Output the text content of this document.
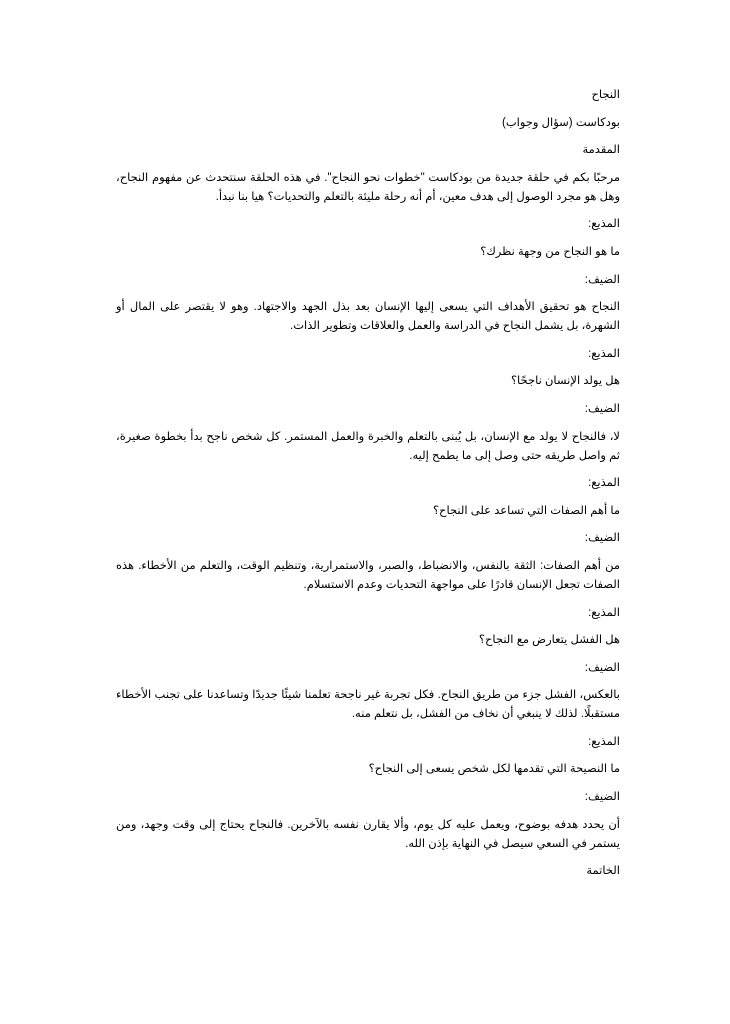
النجاح

بودكاست (سؤال وجواب)

المقدمة

مرحبًا بكم في حلقة جديدة من بودكاست "خطوات نحو النجاح". في هذه الحلقة سنتحدث عن مفهوم النجاح، وهل هو مجرد الوصول إلى هدف معين، أم أنه رحلة مليئة بالتعلم والتحديات؟ هيا بنا نبدأ.

المذيع:

ما هو النجاح من وجهة نظرك؟

الضيف:

النجاح هو تحقيق الأهداف التي يسعى إليها الإنسان بعد بذل الجهد والاجتهاد. وهو لا يقتصر على المال أو الشهرة، بل يشمل النجاح في الدراسة والعمل والعلاقات وتطوير الذات.

المذيع:

هل يولد الإنسان ناجحًا؟

الضيف:

لا، فالنجاح لا يولد مع الإنسان، بل يُبنى بالتعلم والخبرة والعمل المستمر. كل شخص ناجح بدأ بخطوة صغيرة، ثم واصل طريقه حتى وصل إلى ما يطمح إليه.

المذيع:

ما أهم الصفات التي تساعد على النجاح؟

الضيف:

من أهم الصفات: الثقة بالنفس، والانضباط، والصبر، والاستمرارية، وتنظيم الوقت، والتعلم من الأخطاء. هذه الصفات تجعل الإنسان قادرًا على مواجهة التحديات وعدم الاستسلام.

المذيع:

هل الفشل يتعارض مع النجاح؟

الضيف:

بالعكس، الفشل جزء من طريق النجاح. فكل تجربة غير ناجحة تعلمنا شيئًا جديدًا وتساعدنا على تجنب الأخطاء مستقبلًا. لذلك لا ينبغي أن نخاف من الفشل، بل نتعلم منه.

المذيع:

ما النصيحة التي تقدمها لكل شخص يسعى إلى النجاح؟

الضيف:

أن يحدد هدفه بوضوح، ويعمل عليه كل يوم، وألا يقارن نفسه بالآخرين. فالنجاح يحتاج إلى وقت وجهد، ومن يستمر في السعي سيصل في النهاية بإذن الله.

الخاتمة
